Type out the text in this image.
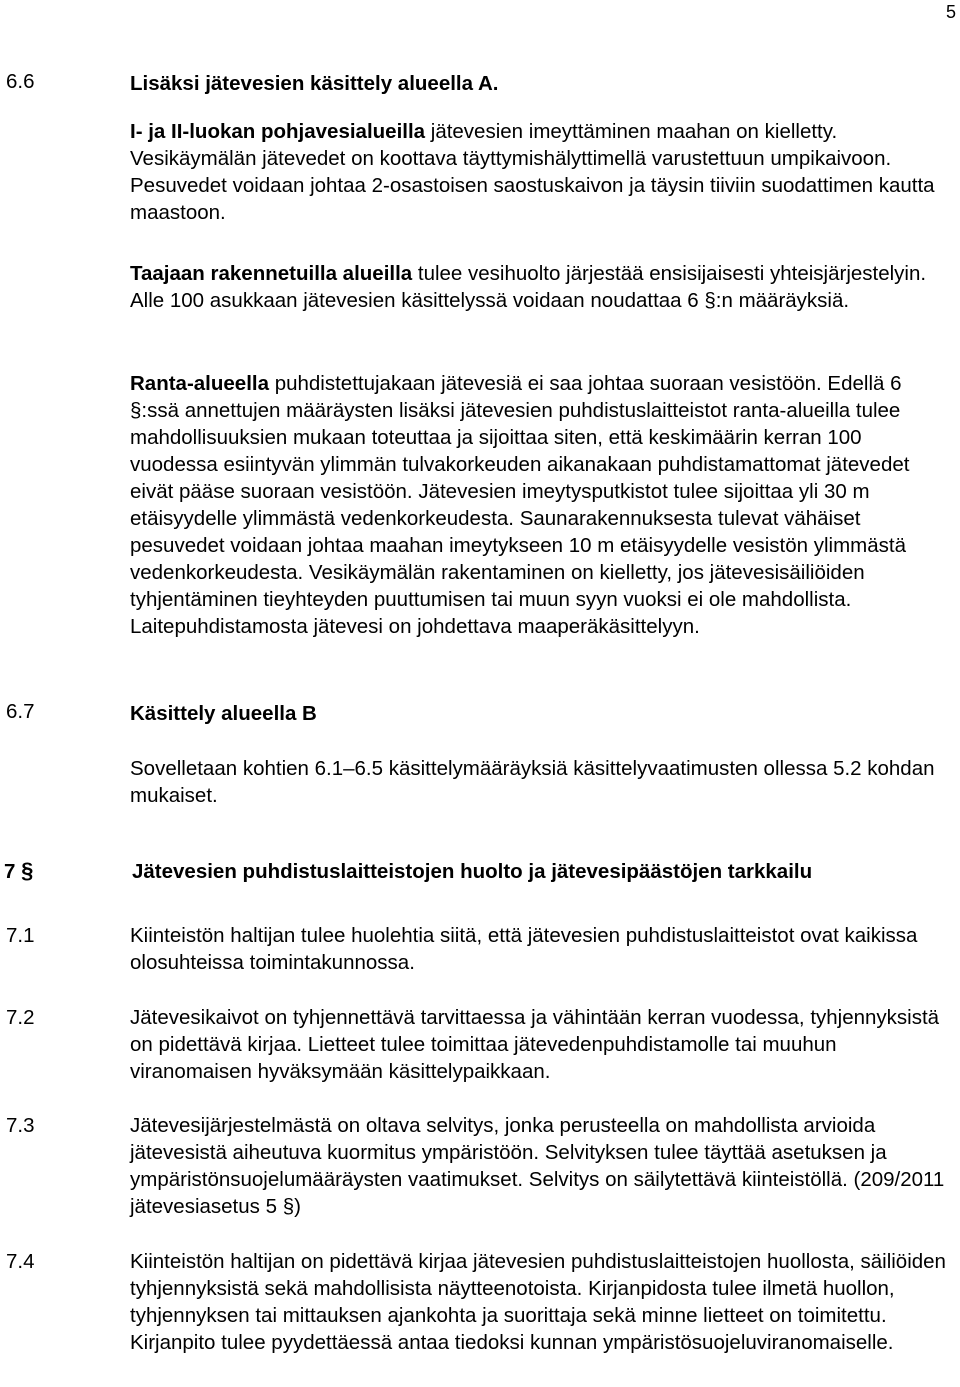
5
6.6	Lisäksi jätevesien käsittely alueella A.

I- ja II-luokan pohjavesialueilla jätevesien imeyttäminen maahan on kielletty. Vesikäymälän jätevedet on koottava täyttymishälyttimellä varustettuun umpikaivoon. Pesuvedet voidaan johtaa 2-osastoisen saostuskaivon ja täysin tiiviin suodattimen kautta maastoon.

Taajaan rakennetuilla alueilla tulee vesihuolto järjestää ensisijaisesti yhteisjärjestelyin. Alle 100 asukkaan jätevesien käsittelyssä voidaan noudattaa 6 §:n määräyksiä.

Ranta-alueella puhdistettujakaan jätevesiä ei saa johtaa suoraan vesistöön. Edellä 6 §:ssä annettujen määräysten lisäksi jätevesien puhdistuslaitteistot ranta-alueilla tulee mahdollisuuksien mukaan toteuttaa ja sijoittaa siten, että keskimäärin kerran 100 vuodessa esiintyvän ylimmän tulvakorkeuden aikanakaan puhdistamattomat jätevedet eivät pääse suoraan vesistöön. Jätevesien imeytysputkistot tulee sijoittaa yli 30 m etäisyydelle ylimmästä vedenkorkeudesta. Saunarakennuksesta tulevat vähäiset pesuvedet voidaan johtaa maahan imeytykseen 10 m etäisyydelle vesistön ylimmästä vedenkorkeudesta. Vesikäymälän rakentaminen on kielletty, jos jätevesisäiliöiden tyhjentäminen tieyhteyden puuttumisen tai muun syyn vuoksi ei ole mahdollista. Laitepuhdistamosta jätevesi on johdettava maaperäkäsittelyyn.

6.7	Käsittely alueella B

Sovelletaan kohtien 6.1–6.5 käsittelymääräyksiä käsittelyvaatimusten ollessa 5.2 kohdan mukaiset.

7 §	Jätevesien puhdistuslaitteistojen huolto ja jätevesipäästöjen tarkkailu
7.1	Kiinteistön haltijan tulee huolehtia siitä, että jätevesien puhdistuslaitteistot ovat kaikissa olosuhteissa toimintakunnossa.

7.2	Jätevesikaivot on tyhjennettävä tarvittaessa ja vähintään kerran vuodessa, tyhjennyksistä on pidettävä kirjaa. Lietteet tulee toimittaa jätevedenpuhdistamolle tai muuhun viranomaisen hyväksymään käsittelypaikkaan.

7.3	Jätevesijärjestelmästä on oltava selvitys, jonka perusteella on mahdollista arvioida jätevesistä aiheutuva kuormitus ympäristöön. Selvityksen tulee täyttää asetuksen ja ympäristönsuojelumääräysten vaatimukset. Selvitys on säilytettävä kiinteistöllä. (209/2011 jätevesiasetus 5 §)

7.4	Kiinteistön haltijan on pidettävä kirjaa jätevesien puhdistuslaitteistojen huollosta, säiliöiden tyhjennyksistä sekä mahdollisista näytteenotoista. Kirjanpidosta tulee ilmetä huollon, tyhjennyksen tai mittauksen ajankohta ja suorittaja sekä minne lietteet on toimitettu. Kirjanpito tulee pyydettäessä antaa tiedoksi kunnan ympäristösuojeluviranomaiselle.
